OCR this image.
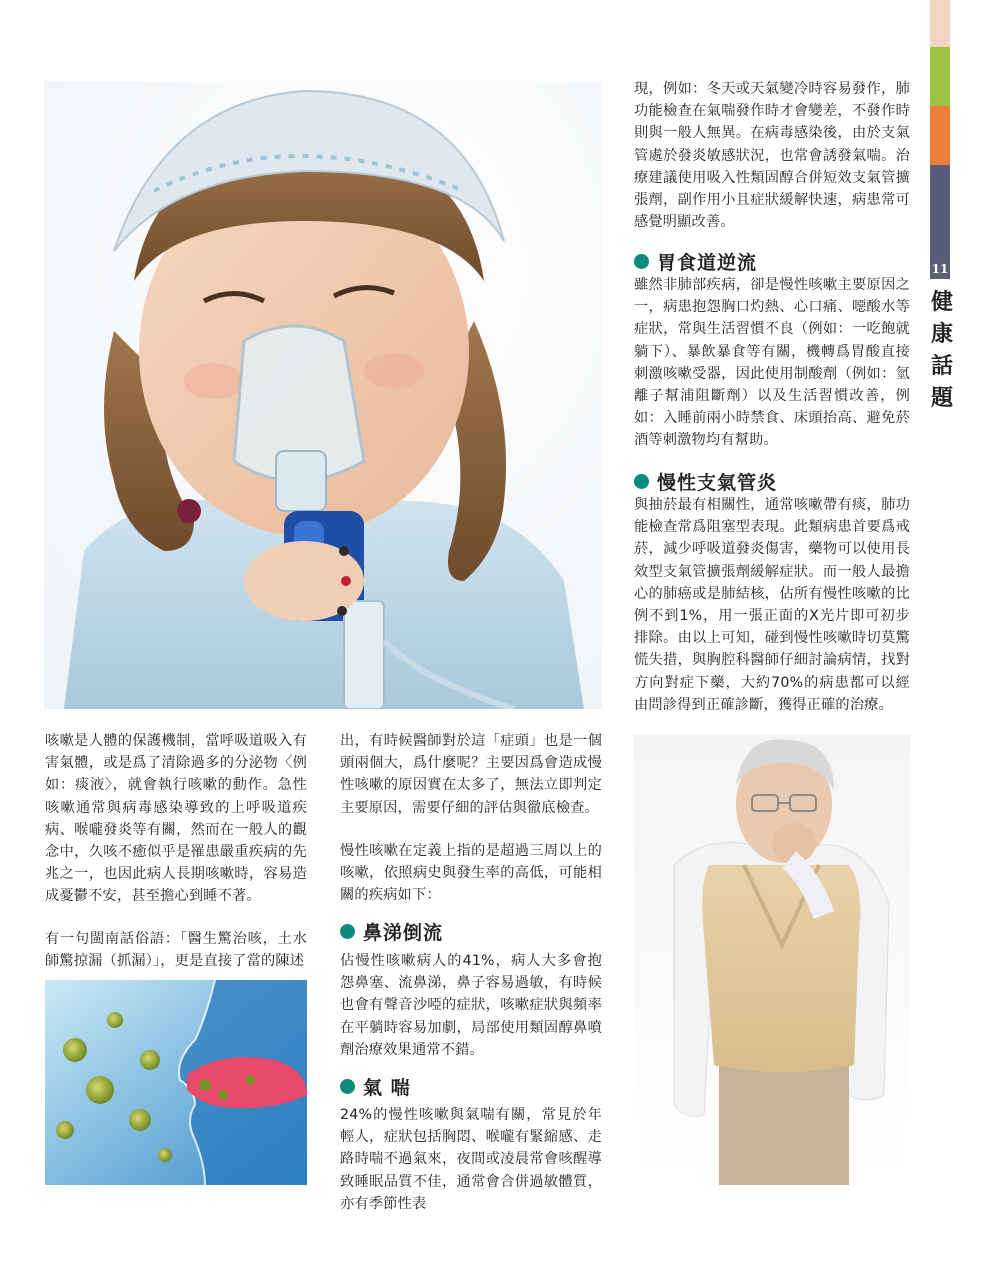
11
健
康
話
題

咳嗽是人體的保護機制，當呼吸道吸入有害氣體，或是爲了清除過多的分泌物〈例如：痰液〉，就會執行咳嗽的動作。急性咳嗽通常與病毒感染導致的上呼吸道疾病、喉嚨發炎等有關，然而在一般人的觀念中，久咳不癒似乎是罹患嚴重疾病的先兆之一，也因此病人長期咳嗽時，容易造成憂鬱不安，甚至擔心到睡不著。

有一句閩南話俗語：「醫生驚治咳，土水師驚掠漏（抓漏）」，更是直接了當的陳述

出，有時候醫師對於這「症頭」也是一個頭兩個大，爲什麼呢？主要因爲會造成慢性咳嗽的原因實在太多了，無法立即判定主要原因，需要仔細的評估與徹底檢查。

慢性咳嗽在定義上指的是超過三周以上的咳嗽，依照病史與發生率的高低，可能相關的疾病如下：

鼻涕倒流

佔慢性咳嗽病人的41%，病人大多會抱怨鼻塞、流鼻涕，鼻子容易過敏，有時候也會有聲音沙啞的症狀，咳嗽症狀與頻率在平躺時容易加劇，局部使用類固醇鼻噴劑治療效果通常不錯。

氣 喘

24%的慢性咳嗽與氣喘有關，常見於年輕人，症狀包括胸悶、喉嚨有緊縮感、走路時喘不過氣來，夜間或凌晨常會咳醒導致睡眠品質不佳，通常會合併過敏體質，亦有季節性表

現，例如：冬天或天氣變冷時容易發作，肺功能檢查在氣喘發作時才會變差，不發作時則與一般人無異。在病毒感染後，由於支氣管處於發炎敏感狀況，也常會誘發氣喘。治療建議使用吸入性類固醇合併短效支氣管擴張劑，副作用小且症狀緩解快速，病患常可感覺明顯改善。

胃食道逆流

雖然非肺部疾病，卻是慢性咳嗽主要原因之一，病患抱怨胸口灼熱、心口痛、噁酸水等症狀，常與生活習慣不良（例如：一吃飽就躺下）、暴飲暴食等有關，機轉爲胃酸直接刺激咳嗽受器，因此使用制酸劑（例如：氫離子幫浦阻斷劑）以及生活習慣改善，例如：入睡前兩小時禁食、床頭抬高、避免菸酒等刺激物均有幫助。

慢性支氣管炎

與抽菸最有相關性，通常咳嗽帶有痰，肺功能檢查常爲阻塞型表現。此類病患首要爲戒菸，減少呼吸道發炎傷害，藥物可以使用長效型支氣管擴張劑緩解症狀。而一般人最擔心的肺癌或是肺結核，佔所有慢性咳嗽的比例不到1%，用一張正面的X光片即可初步排除。由以上可知，碰到慢性咳嗽時切莫驚慌失措，與胸腔科醫師仔細討論病情，找對方向對症下藥，大約70%的病患都可以經由問診得到正確診斷，獲得正確的治療。
